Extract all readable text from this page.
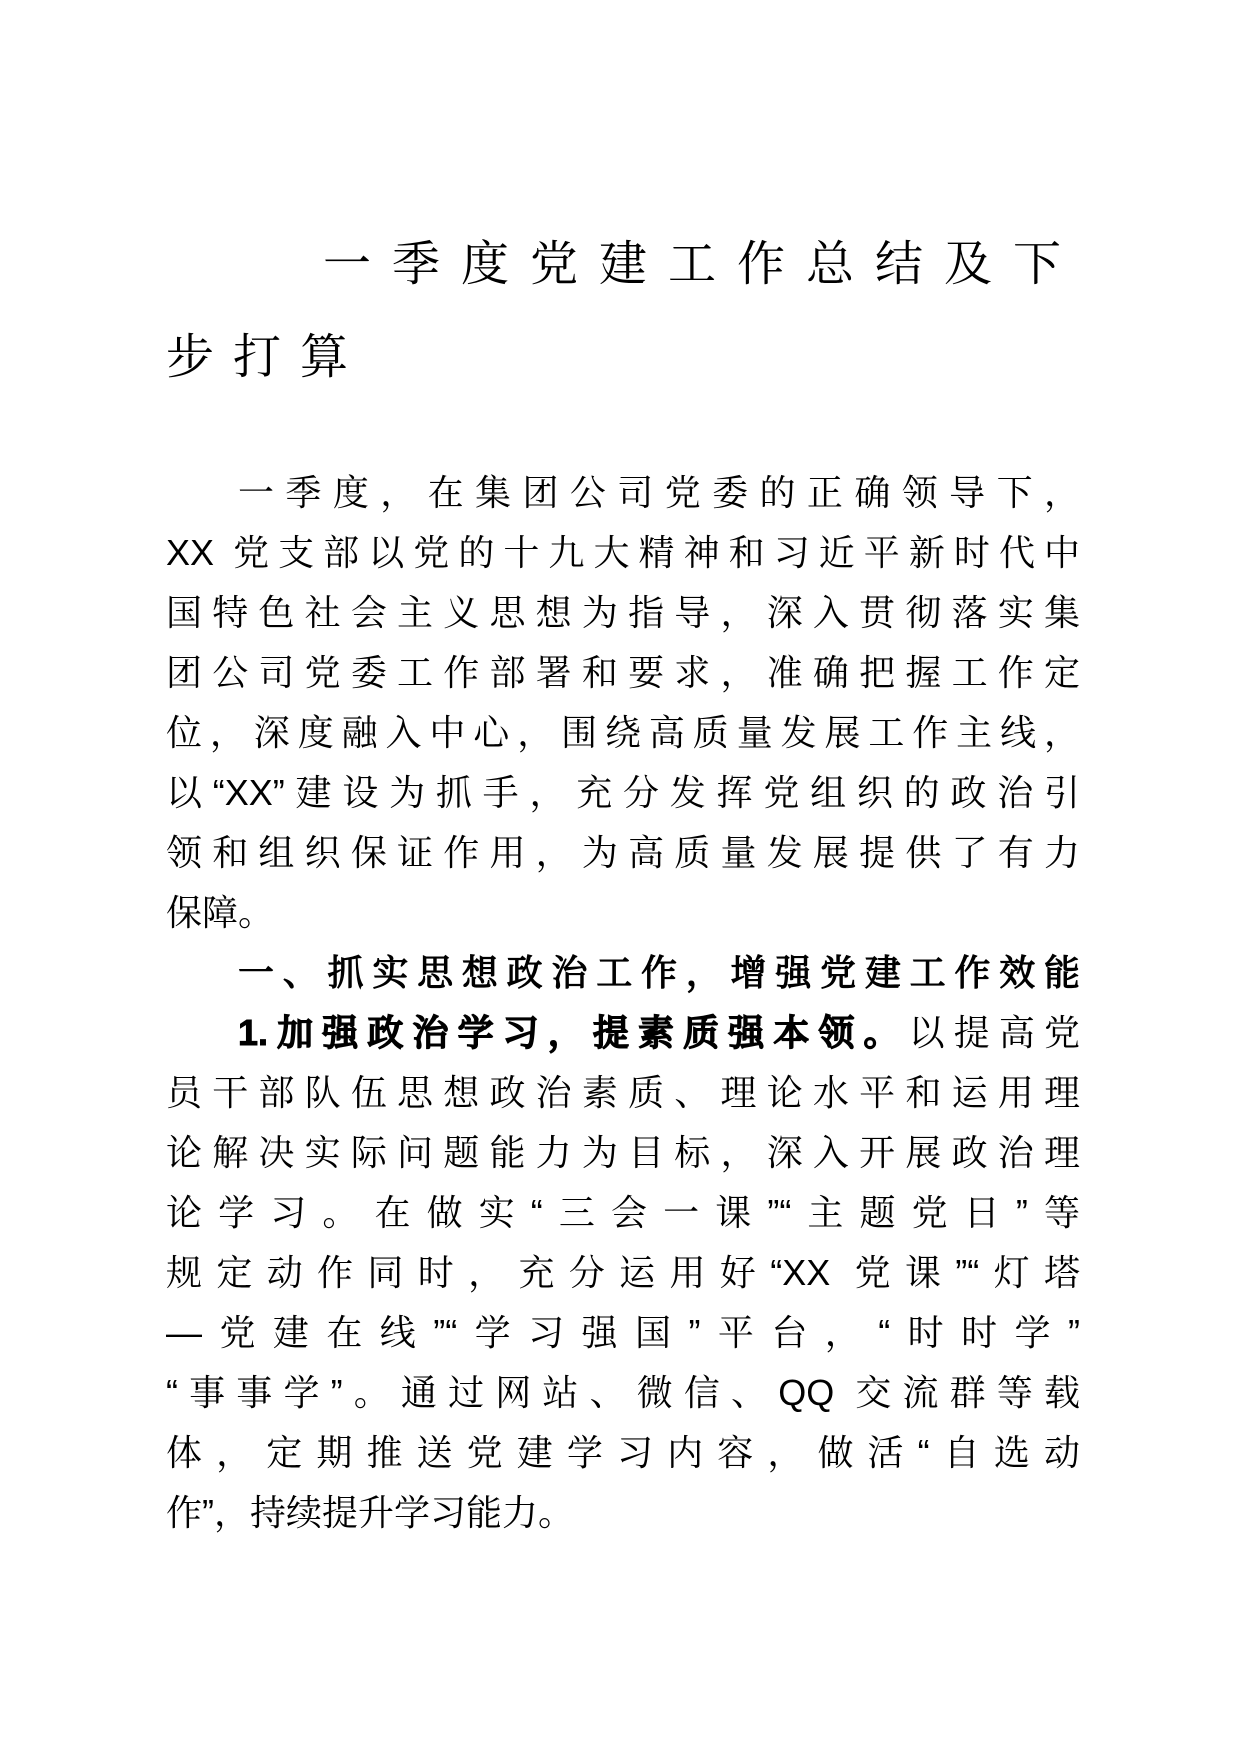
一季度党建工作总结及下
步打算
一季度，在集团公司党委的正确领导下，
XX 党支部以党的十九大精神和习近平新时代中
国特色社会主义思想为指导，深入贯彻落实集
团公司党委工作部署和要求，准确把握工作定
位，深度融入中心，围绕高质量发展工作主线，
以“XX”建设为抓手，充分发挥党组织的政治引
领和组织保证作用，为高质量发展提供了有力
保障。
一、抓实思想政治工作，增强党建工作效能
1.加强政治学习，提素质强本领。以提高党
员干部队伍思想政治素质、理论水平和运用理
论解决实际问题能力为目标，深入开展政治理
论学习。在做实“三会一课”“主题党日”等
规定动作同时，充分运用好“XX 党课”“灯塔
—党建在线”“学习强国”平台，“时时学”
“事事学”。通过网站、微信、QQ 交流群等载
体，定期推送党建学习内容，做活“自选动
作”，持续提升学习能力。
